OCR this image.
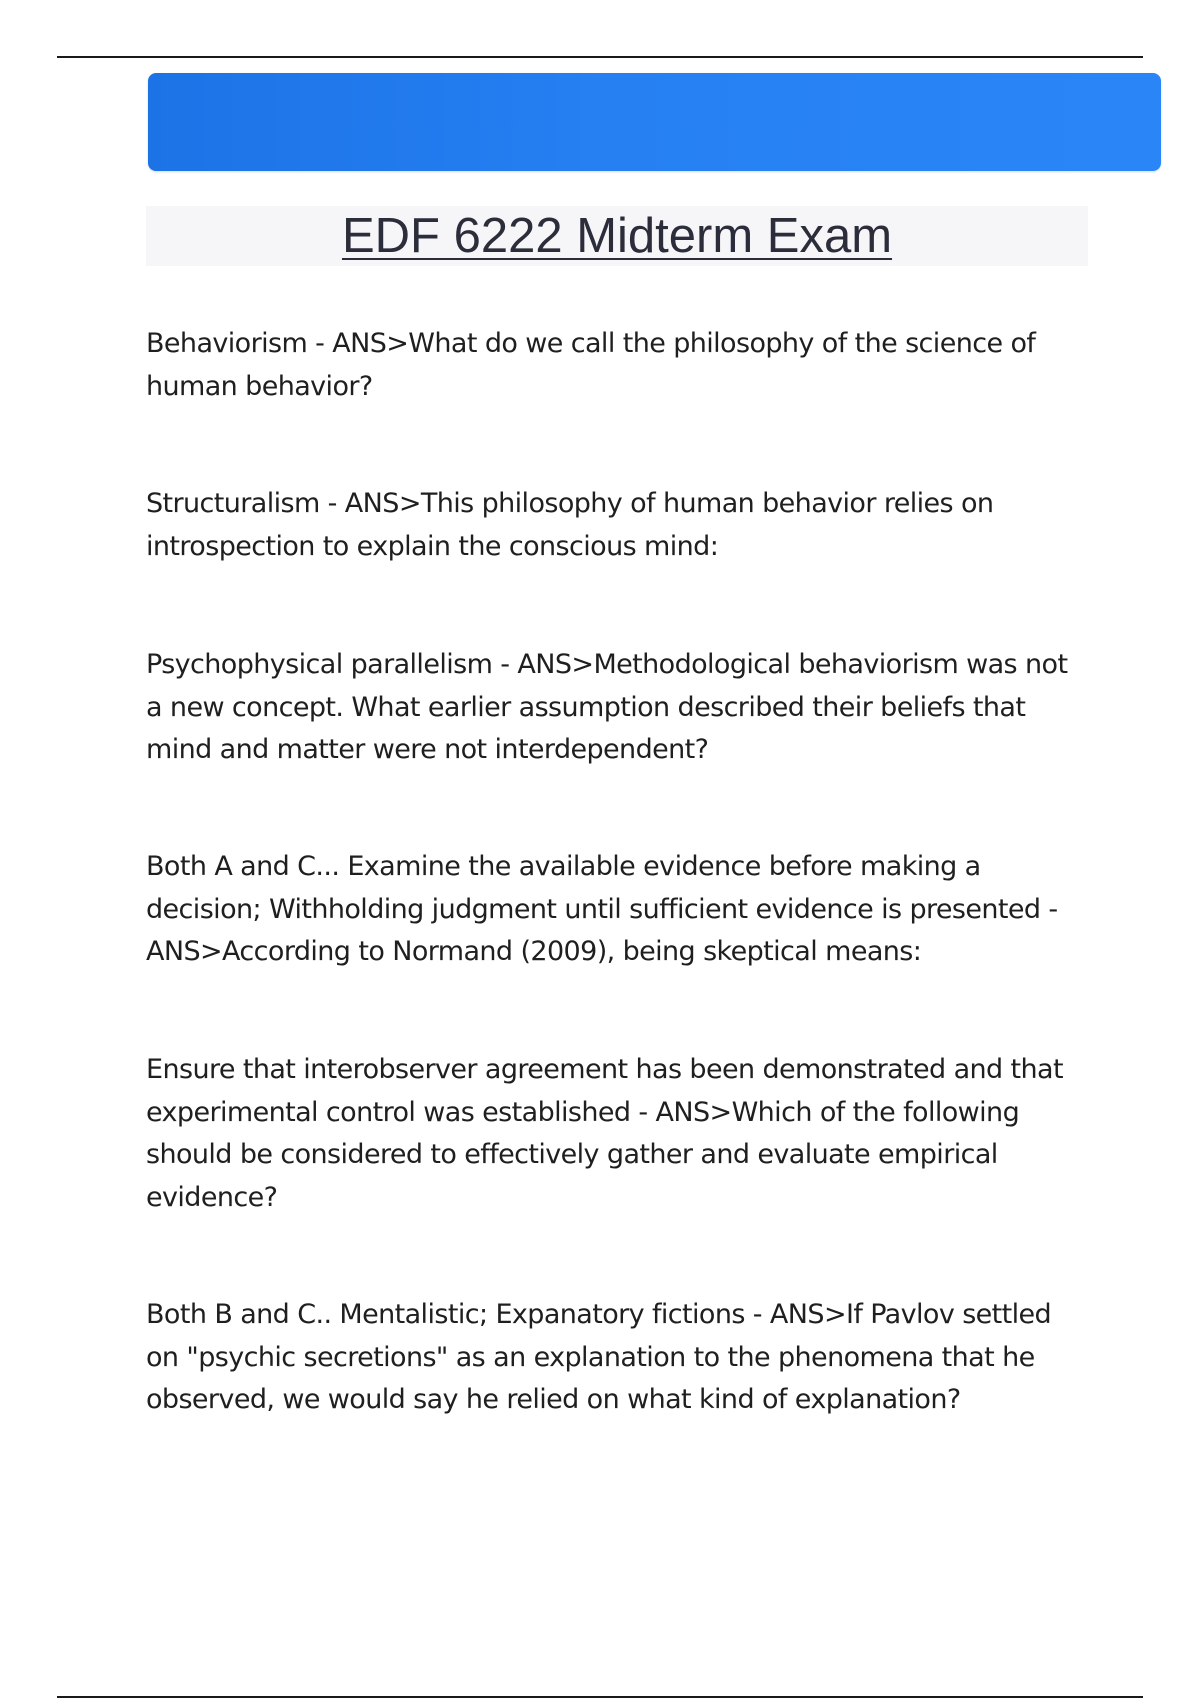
EDF 6222 Midterm Exam

Behaviorism - ANS>What do we call the philosophy of the science of human behavior?

Structuralism - ANS>This philosophy of human behavior relies on introspection to explain the conscious mind:

Psychophysical parallelism - ANS>Methodological behaviorism was not a new concept. What earlier assumption described their beliefs that mind and matter were not interdependent?

Both A and C... Examine the available evidence before making a decision; Withholding judgment until sufficient evidence is presented - ANS>According to Normand (2009), being skeptical means:

Ensure that interobserver agreement has been demonstrated and that experimental control was established - ANS>Which of the following should be considered to effectively gather and evaluate empirical evidence?

Both B and C.. Mentalistic; Expanatory fictions - ANS>If Pavlov settled on "psychic secretions" as an explanation to the phenomena that he observed, we would say he relied on what kind of explanation?
